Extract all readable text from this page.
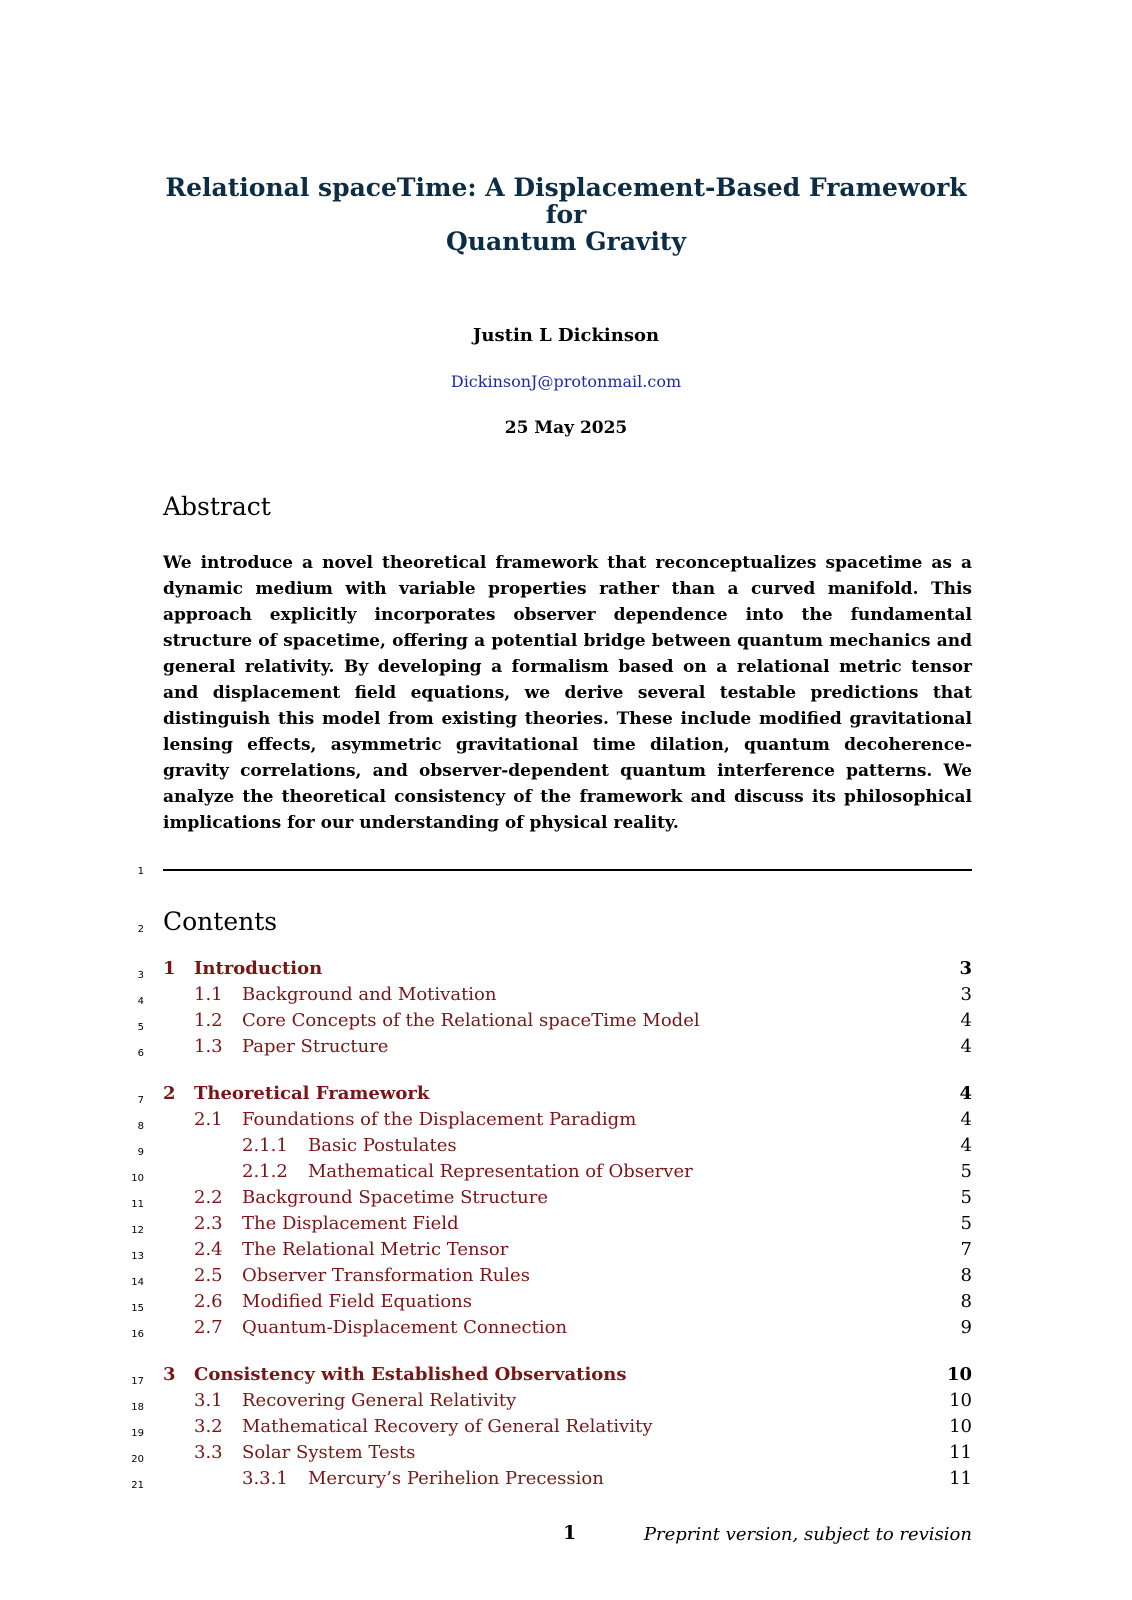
Relational spaceTime: A Displacement-Based Framework for
Quantum Gravity
Justin L Dickinson
DickinsonJ@protonmail.com
25 May 2025
Abstract
We introduce a novel theoretical framework that reconceptualizes spacetime as a dynamic medium with variable properties rather than a curved manifold. This approach explicitly incorporates observer dependence into the fundamental structure of spacetime, offering a potential bridge between quantum mechanics and general relativity. By developing a formalism based on a relational metric tensor and displacement field equations, we derive several testable predictions that distinguish this model from existing theories. These include modified gravitational lensing effects, asymmetric gravitational time dilation, quantum decoherence-gravity correlations, and observer-dependent quantum interference patterns. We analyze the theoretical consistency of the framework and discuss its philosophical implications for our understanding of physical reality.
Contents
1
2
3
4
5
6
7
8
9
10
11
12
13
14
15
16
17
18
19
20
21
1 Introduction	3
1.1 Background and Motivation	3
1.2 Core Concepts of the Relational spaceTime Model	4
1.3 Paper Structure	4
2 Theoretical Framework	4
2.1 Foundations of the Displacement Paradigm	4
2.1.1 Basic Postulates	4
2.1.2 Mathematical Representation of Observer	5
2.2 Background Spacetime Structure	5
2.3 The Displacement Field	5
2.4 The Relational Metric Tensor	7
2.5 Observer Transformation Rules	8
2.6 Modified Field Equations	8
2.7 Quantum-Displacement Connection	9
3 Consistency with Established Observations	10
3.1 Recovering General Relativity	10
3.2 Mathematical Recovery of General Relativity	10
3.3 Solar System Tests	11
3.3.1 Mercury’s Perihelion Precession	11
1	Preprint version, subject to revision
